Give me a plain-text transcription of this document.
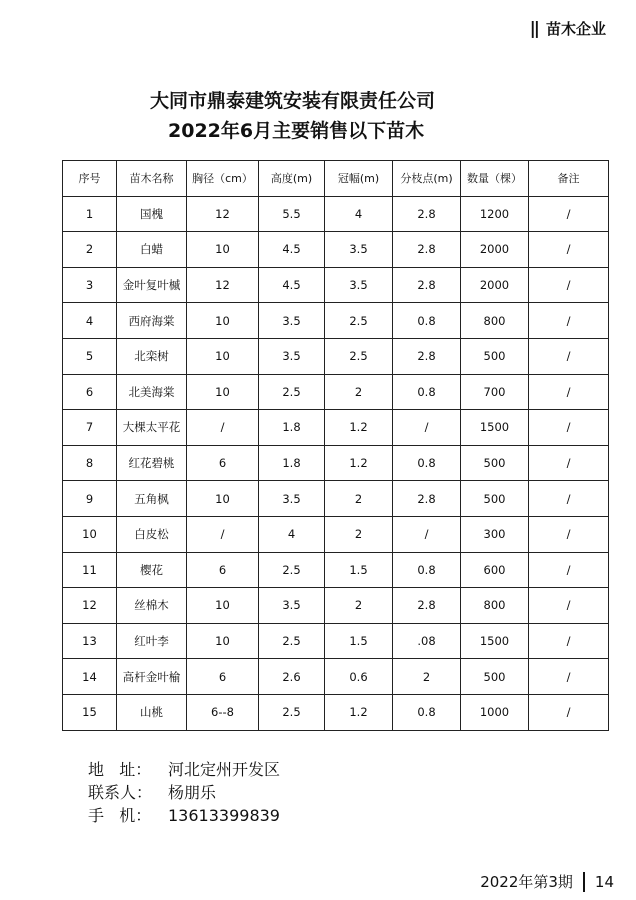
|| 苗木企业
大同市鼎泰建筑安装有限责任公司
2022年6月主要销售以下苗木
序号	苗木名称	胸径（cm）	高度(m)	冠幅(m)	分枝点(m)	数量（棵）	备注
1	国槐	12	5.5	4	2.8	1200	/
2	白蜡	10	4.5	3.5	2.8	2000	/
3	金叶复叶槭	12	4.5	3.5	2.8	2000	/
4	西府海棠	10	3.5	2.5	0.8	800	/
5	北栾树	10	3.5	2.5	2.8	500	/
6	北美海棠	10	2.5	2	0.8	700	/
7	大棵太平花	/	1.8	1.2	/	1500	/
8	红花碧桃	6	1.8	1.2	0.8	500	/
9	五角枫	10	3.5	2	2.8	500	/
10	白皮松	/	4	2	/	300	/
11	樱花	6	2.5	1.5	0.8	600	/
12	丝棉木	10	3.5	2	2.8	800	/
13	红叶李	10	2.5	1.5	.08	1500	/
14	高杆金叶榆	6	2.6	0.6	2	500	/
15	山桃	6--8	2.5	1.2	0.8	1000	/
地   址：	河北定州开发区
联系人： 杨朋乐
手   机：	13613399839
2022年第3期 14
